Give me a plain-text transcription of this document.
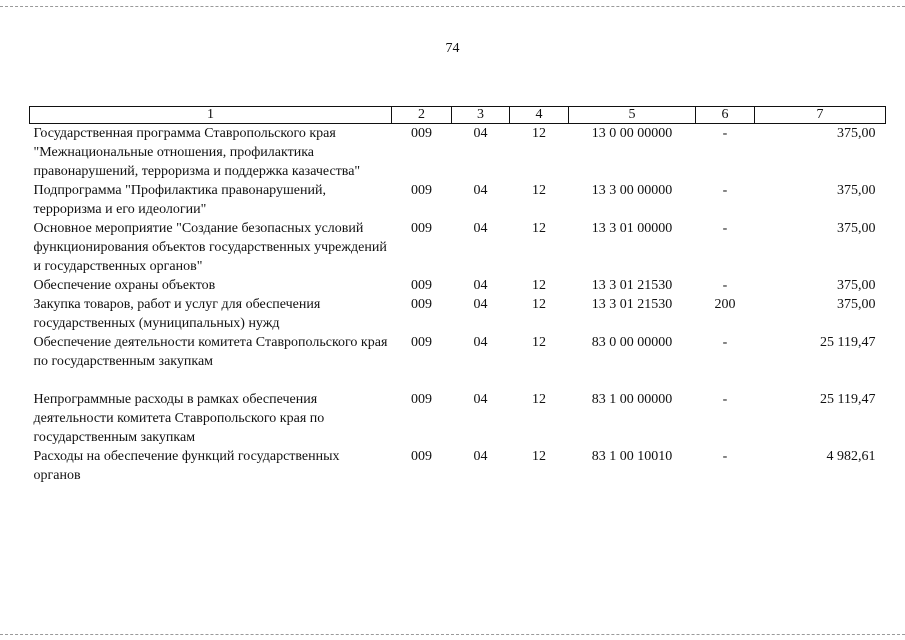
74
1	2	3	4	5	6	7
Государственная программа Ставропольского края "Межнациональные отношения, профилактика правонарушений, терроризма и поддержка казачества"	009	04	12	13 0 00 00000	-	375,00
Подпрограмма "Профилактика правонарушений, терроризма и его идеологии"	009	04	12	13 3 00 00000	-	375,00
Основное мероприятие "Создание безопасных условий функционирования объектов государственных учреждений и государственных органов"	009	04	12	13 3 01 00000	-	375,00
Обеспечение охраны объектов	009	04	12	13 3 01 21530	-	375,00
Закупка товаров, работ и услуг для обеспечения государственных (муниципальных) нужд	009	04	12	13 3 01 21530	200	375,00
Обеспечение деятельности комитета Ставропольского края по государственным закупкам	009	04	12	83 0 00 00000	-	25 119,47

Непрограммные расходы в рамках обеспечения деятельности комитета Ставропольского края по государственным закупкам	009	04	12	83 1 00 00000	-	25 119,47
Расходы на обеспечение функций государственных органов	009	04	12	83 1 00 10010	-	4 982,61
